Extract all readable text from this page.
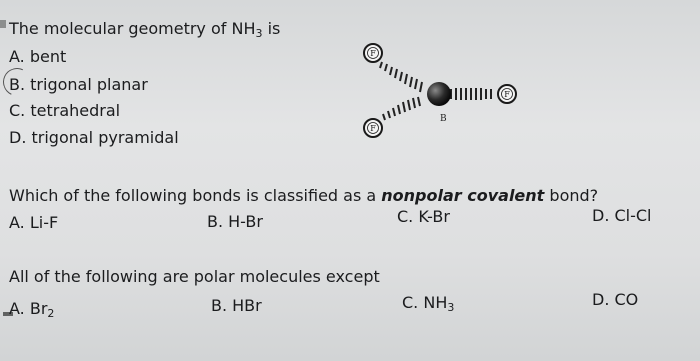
The molecular geometry of $NH_3$ is
A. bent
B. trigonal planar
C. tetrahedral
D. trigonal pyramidal
B
F
F
F
Which of the following bonds is classified as a nonpolar covalent bond?
A. Li-F	B. H-Br	C. K-Br	D. Cl-Cl
All of the following are polar molecules except
A. $Br_2$	B. HBr	C. $NH_3$	D. CO
